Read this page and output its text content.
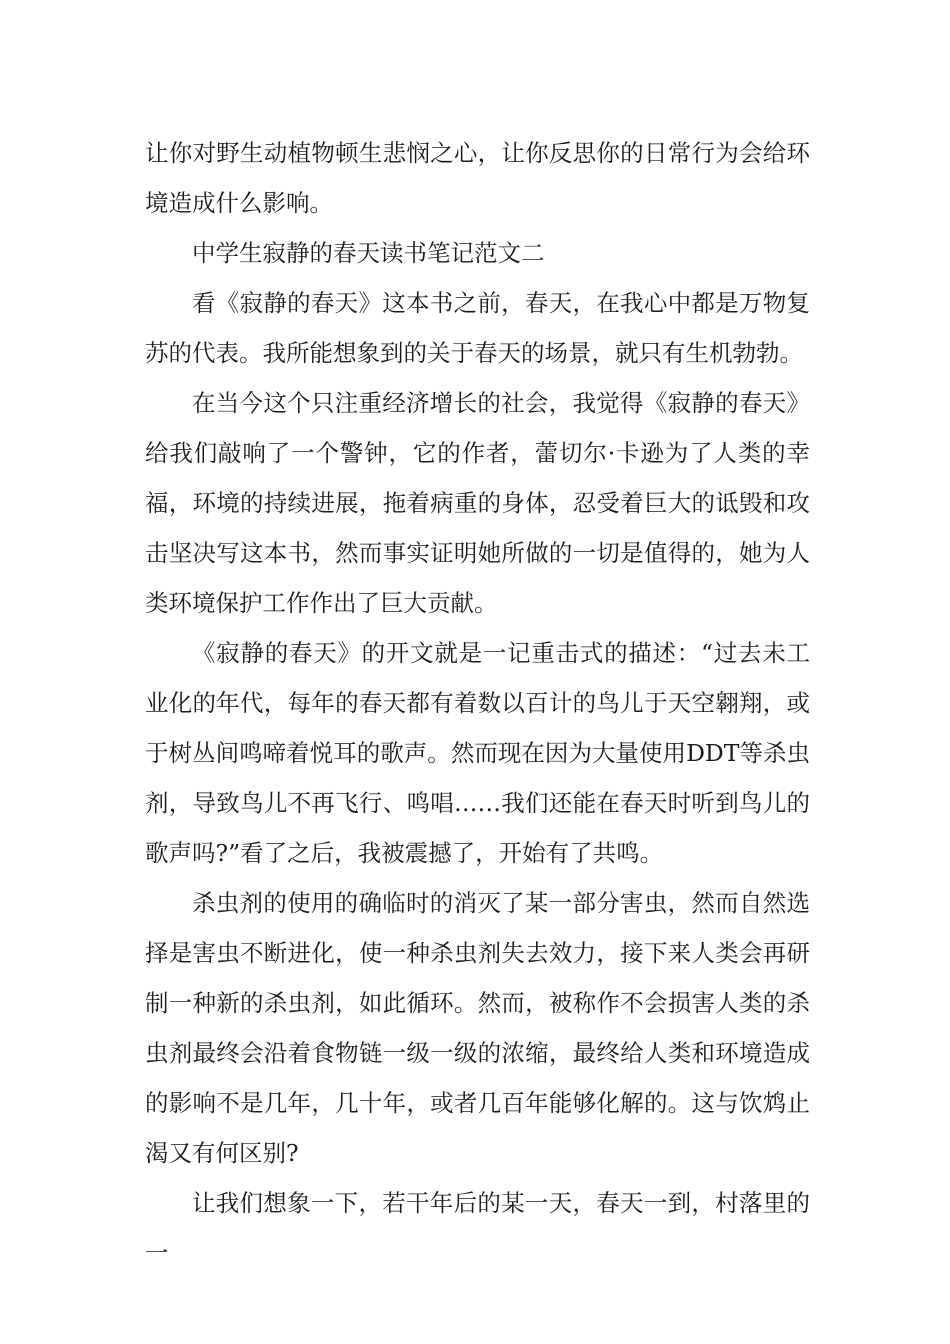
让你对野生动植物顿生悲悯之心，让你反思你的日常行为会给环境造成什么影响。

中学生寂静的春天读书笔记范文二

看《寂静的春天》这本书之前，春天，在我心中都是万物复苏的代表。我所能想象到的关于春天的场景，就只有生机勃勃。

在当今这个只注重经济增长的社会，我觉得《寂静的春天》给我们敲响了一个警钟，它的作者，蕾切尔·卡逊为了人类的幸福，环境的持续进展，拖着病重的身体，忍受着巨大的诋毁和攻击坚决写这本书，然而事实证明她所做的一切是值得的，她为人类环境保护工作作出了巨大贡献。

《寂静的春天》的开文就是一记重击式的描述：“过去未工业化的年代，每年的春天都有着数以百计的鸟儿于天空翱翔，或于树丛间鸣啼着悦耳的歌声。然而现在因为大量使用DDT等杀虫剂，导致鸟儿不再飞行、鸣唱……我们还能在春天时听到鸟儿的歌声吗?”看了之后，我被震撼了，开始有了共鸣。

杀虫剂的使用的确临时的消灭了某一部分害虫，然而自然选择是害虫不断进化，使一种杀虫剂失去效力，接下来人类会再研制一种新的杀虫剂，如此循环。然而，被称作不会损害人类的杀虫剂最终会沿着食物链一级一级的浓缩，最终给人类和环境造成的影响不是几年，几十年，或者几百年能够化解的。这与饮鸩止渴又有何区别?

让我们想象一下，若干年后的某一天，春天一到，村落里的一
